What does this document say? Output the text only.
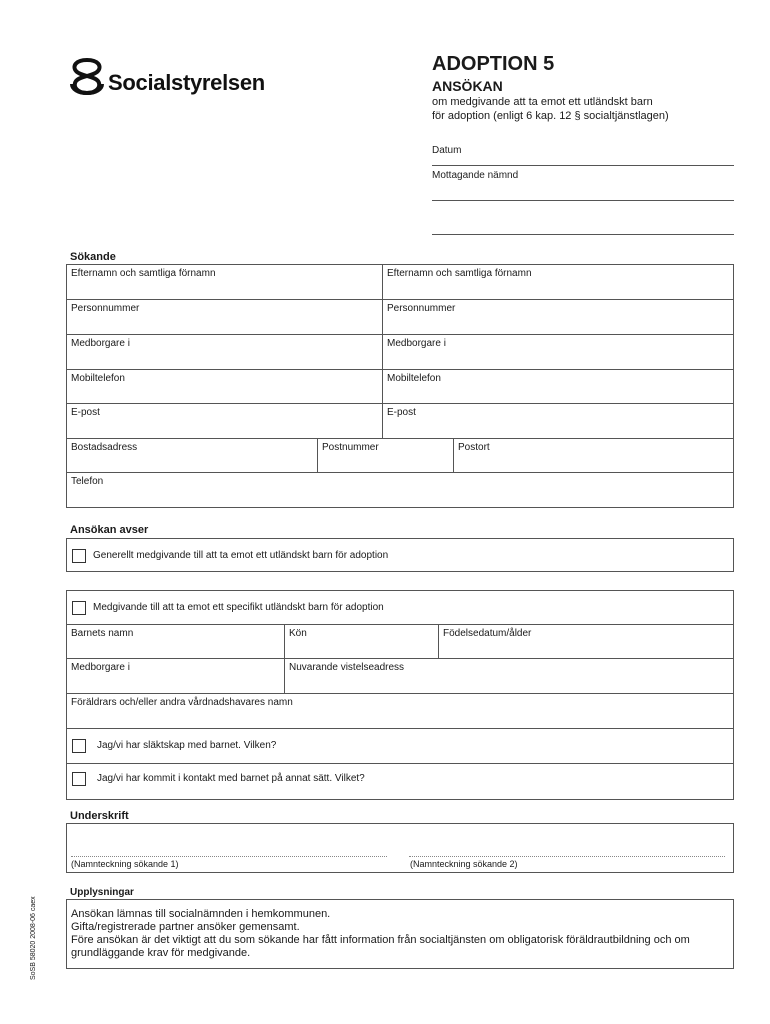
Socialstyrelsen
ADOPTION 5
ANSÖKAN
om medgivande att ta emot ett utländskt barn
för adoption (enligt 6 kap. 12 § socialtjänstlagen)
Datum
Mottagande nämnd
Sökande
Efternamn och samtliga förnamn	Efternamn och samtliga förnamn
Personnummer	Personnummer
Medborgare i	Medborgare i
Mobiltelefon	Mobiltelefon
E-post	E-post
Bostadsadress	Postnummer	Postort
Telefon
Ansökan avser
Generellt medgivande till att ta emot ett utländskt barn för adoption
Medgivande till att ta emot ett specifikt utländskt barn för adoption
Barnets namn	Kön	Födelsedatum/ålder
Medborgare i	Nuvarande vistelseadress
Föräldrars och/eller andra vårdnadshavares namn
Jag/vi har släktskap med barnet. Vilken?
Jag/vi har kommit i kontakt med barnet på annat sätt. Vilket?
Underskrift
(Namnteckning sökande 1)	(Namnteckning sökande 2)
Upplysningar
Ansökan lämnas till socialnämnden i hemkommunen.
Gifta/registrerade partner ansöker gemensamt.
Före ansökan är det viktigt att du som sökande har fått information från socialtjänsten om obligatorisk föräldrautbildning och om
grundläggande krav för medgivande.
SoSB 58020 2008-06 caex
